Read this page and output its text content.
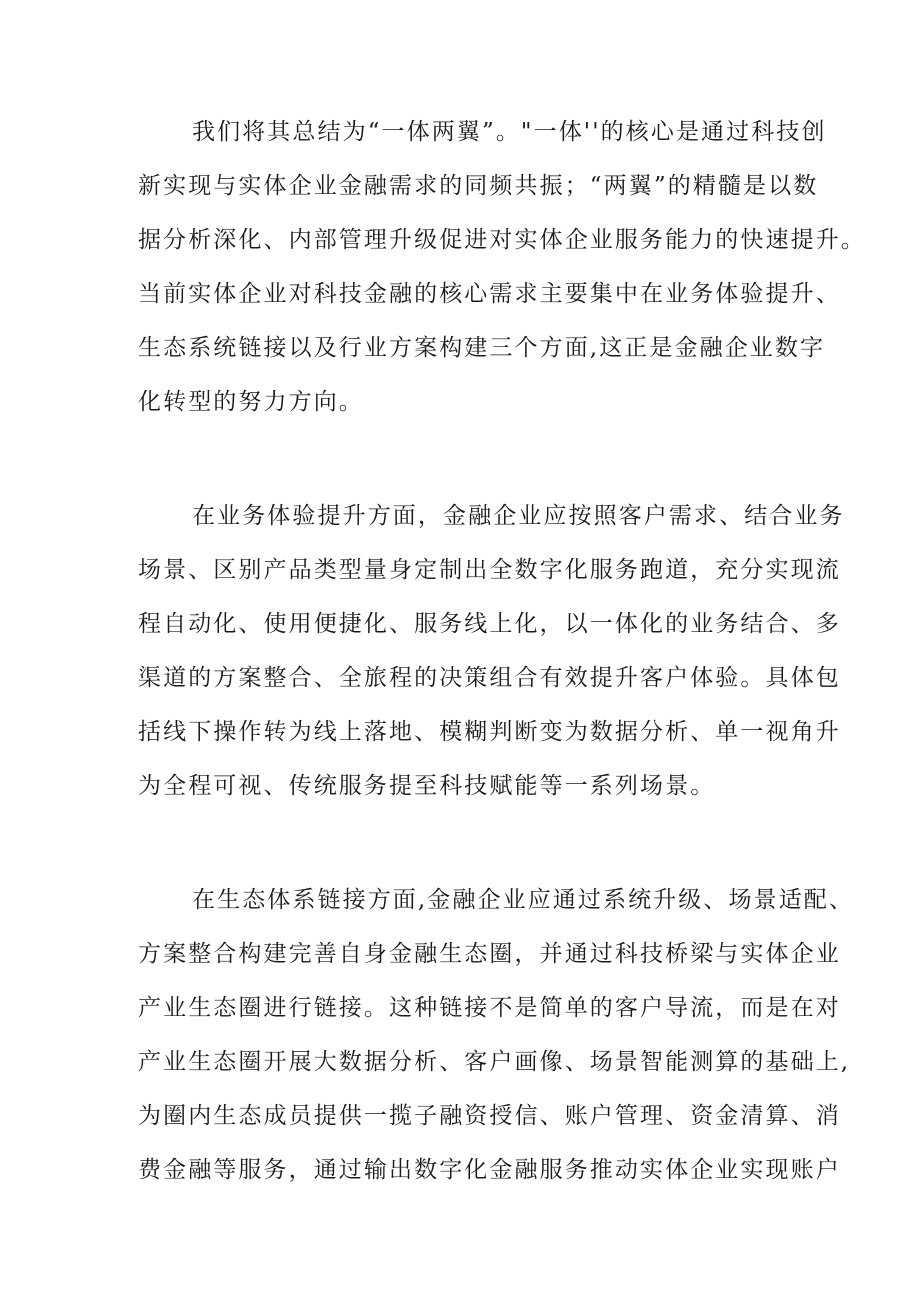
我们将其总结为“一体两翼”。"一体''的核心是通过科技创
新实现与实体企业金融需求的同频共振；“两翼”的精髓是以数
据分析深化、内部管理升级促进对实体企业服务能力的快速提升。
当前实体企业对科技金融的核心需求主要集中在业务体验提升、
生态系统链接以及行业方案构建三个方面,这正是金融企业数字
化转型的努力方向。
在业务体验提升方面，金融企业应按照客户需求、结合业务
场景、区别产品类型量身定制出全数字化服务跑道，充分实现流
程自动化、使用便捷化、服务线上化，以一体化的业务结合、多
渠道的方案整合、全旅程的决策组合有效提升客户体验。具体包
括线下操作转为线上落地、模糊判断变为数据分析、单一视角升
为全程可视、传统服务提至科技赋能等一系列场景。
在生态体系链接方面,金融企业应通过系统升级、场景适配、
方案整合构建完善自身金融生态圈，并通过科技桥梁与实体企业
产业生态圈进行链接。这种链接不是简单的客户导流，而是在对
产业生态圈开展大数据分析、客户画像、场景智能测算的基础上,
为圈内生态成员提供一揽子融资授信、账户管理、资金清算、消
费金融等服务，通过输出数字化金融服务推动实体企业实现账户
